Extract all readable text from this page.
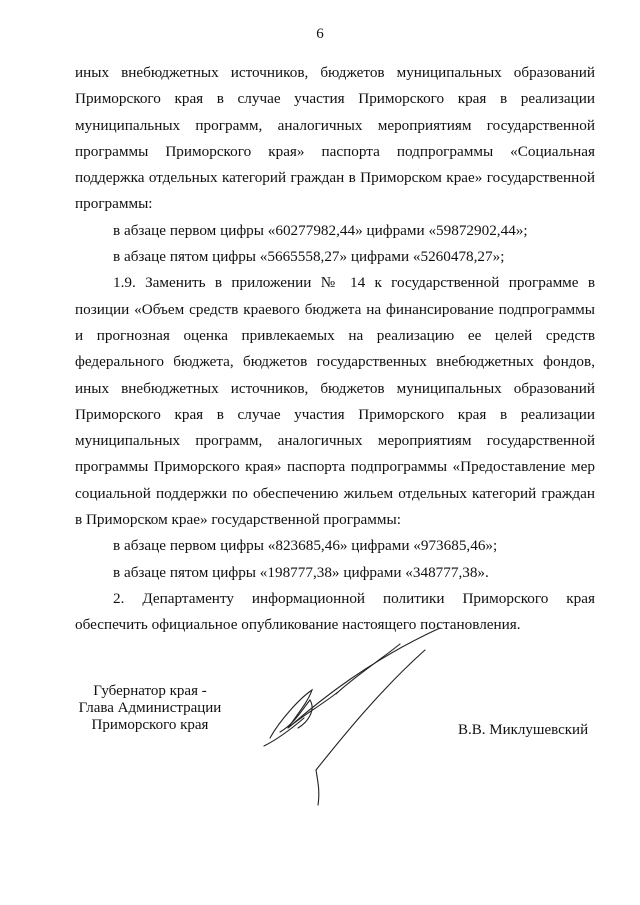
6

иных внебюджетных источников, бюджетов муниципальных образований Приморского края в случае участия Приморского края в реализации муниципальных программ, аналогичных мероприятиям государственной программы Приморского края» паспорта подпрограммы «Социальная поддержка отдельных категорий граждан в Приморском крае» государственной программы:

в абзаце первом цифры «60277982,44» цифрами «59872902,44»;

в абзаце пятом цифры «5665558,27» цифрами «5260478,27»;

1.9. Заменить в приложении № 14 к государственной программе в позиции «Объем средств краевого бюджета на финансирование подпрограммы и прогнозная оценка привлекаемых на реализацию ее целей средств федерального бюджета, бюджетов государственных внебюджетных фондов, иных внебюджетных источников, бюджетов муниципальных образований Приморского края в случае участия Приморского края в реализации муниципальных программ, аналогичных мероприятиям государственной программы Приморского края» паспорта подпрограммы «Предоставление мер социальной поддержки по обеспечению жильем отдельных категорий граждан в Приморском крае» государственной программы:

в абзаце первом цифры «823685,46» цифрами «973685,46»;

в абзаце пятом цифры «198777,38» цифрами «348777,38».

2. Департаменту информационной политики Приморского края обеспечить официальное опубликование настоящего постановления.

Губернатор края -
Глава Администрации
Приморского края	В.В. Миклушевский
